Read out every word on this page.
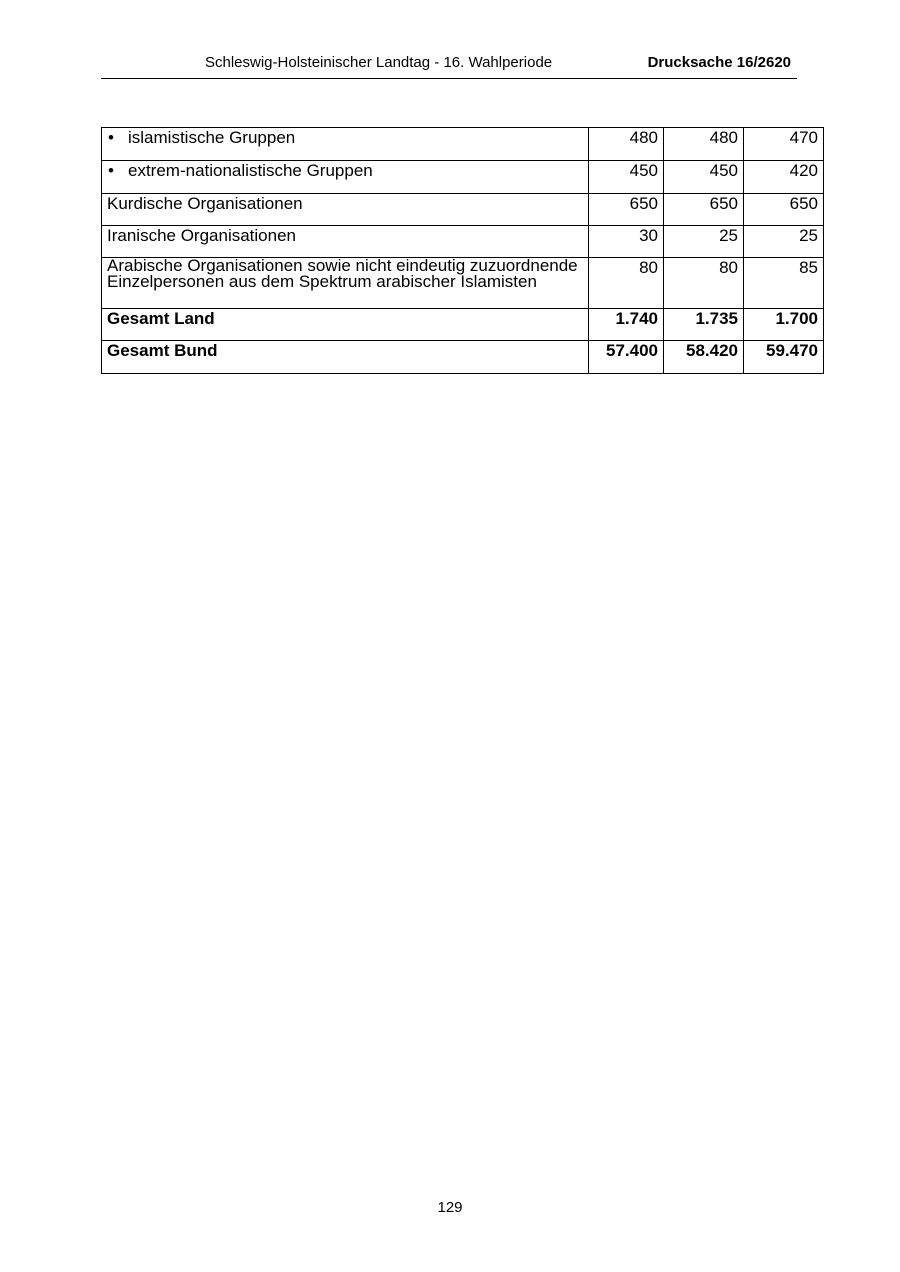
Schleswig-Holsteinischer Landtag - 16. Wahlperiode	Drucksache 16/2620
• islamistische Gruppen	480	480	470
• extrem-nationalistische Gruppen	450	450	420
Kurdische Organisationen	650	650	650
Iranische Organisationen	30	25	25

Arabische Organisationen sowie nicht eindeutig zuzuordnende Einzelpersonen aus dem Spektrum arabischer Islamisten	80	80	85
Gesamt Land	1.740	1.735	1.700
Gesamt Bund	57.400	58.420	59.470
129
